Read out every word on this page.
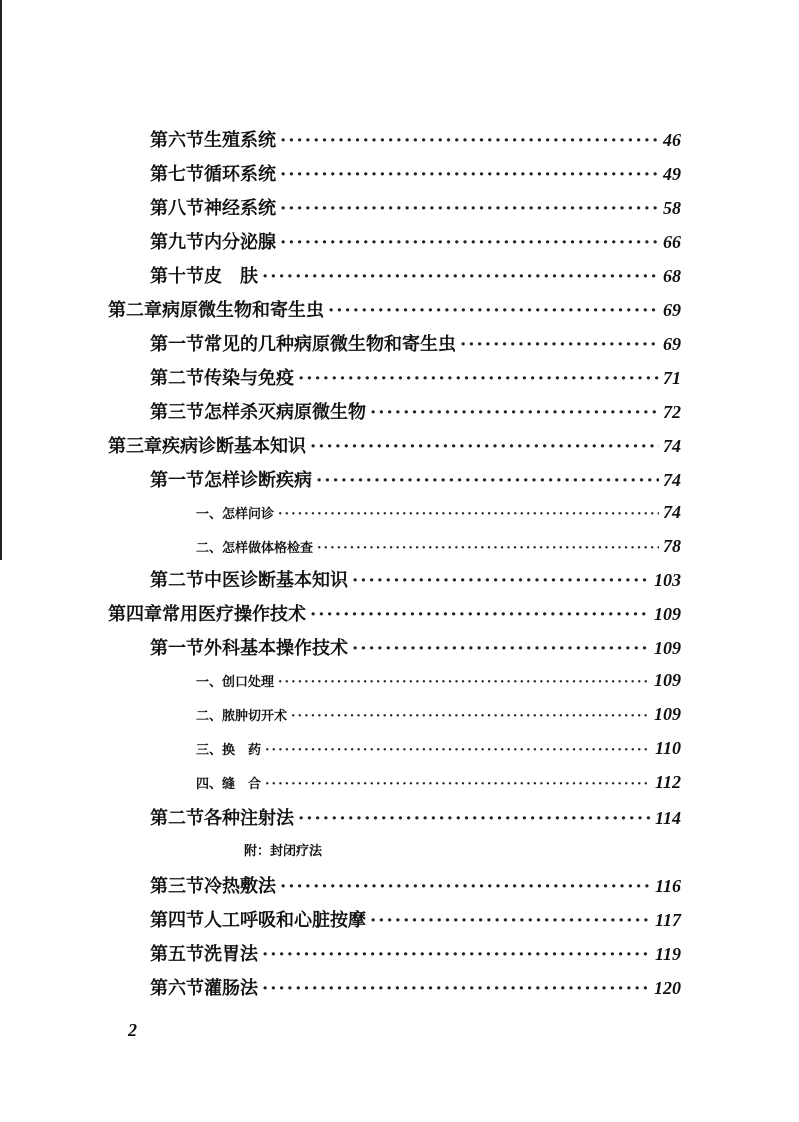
第六节 生殖系统 ·····	46
第七节 循环系统 ·····	49
第八节 神经系统 ·····	58
第九节 内分泌腺 ·····	66
第十节 皮　肤 ·····	68
第二章 病原微生物和寄生虫 ·····	69
第一节 常见的几种病原微生物和寄生虫 ·····	69
第二节 传染与免疫 ·····	71
第三节 怎样杀灭病原微生物 ·····	72
第三章 疾病诊断基本知识 ·····	74
第一节 怎样诊断疾病 ·····	74
一、 怎样问诊 ·····	74
二、 怎样做体格检查 ·····	78
第二节 中医诊断基本知识 ·····	103
第四章 常用医疗操作技术 ·····	109
第一节 外科基本操作技术 ·····	109
一、 创口处理 ·····	109
二、 脓肿切开术 ·····	109
三、 换　药 ·····	110
四、 缝　合 ·····	112
第二节 各种注射法 ·····	114
附：封闭疗法
第三节 冷热敷法 ·····	116
第四节 人工呼吸和心脏按摩 ·····	117
第五节 洗胃法 ·····	119
第六节 灌肠法 ·····	120
2
